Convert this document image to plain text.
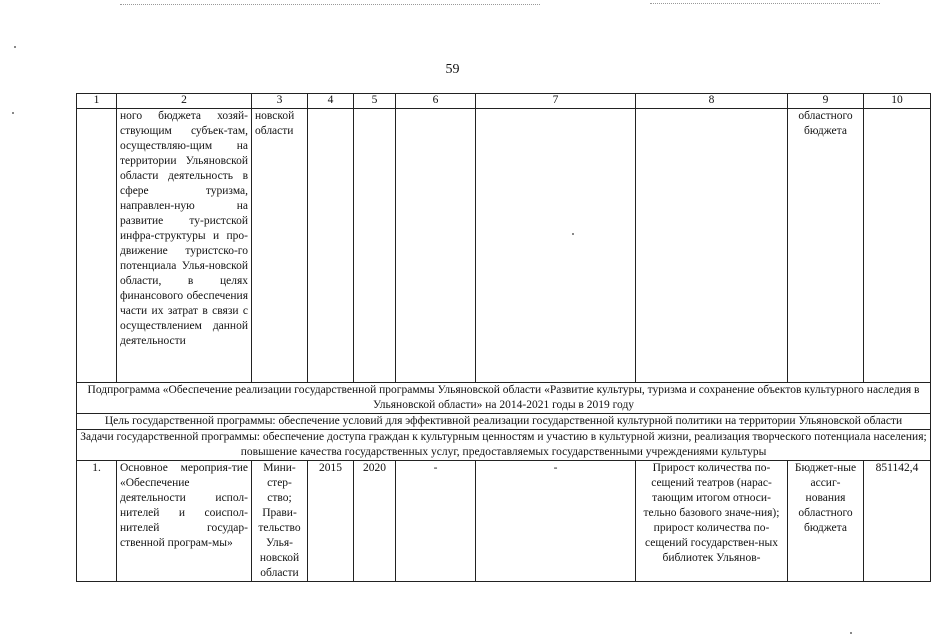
59
1	2	3	4	5	6	7	8	9	10
	ного бюджета хозяй-ствующим субъек-там, осуществляю-щим на территории Ульяновской области деятельность в сфере туризма, направлен-ную на развитие ту-ристской инфра-структуры и про-движение туристско-го потенциала Улья-новской области, в целях финансового обеспечения части их затрат в связи с осуществлением данной деятельности	новской области						областного бюджета	
Подпрограмма «Обеспечение реализации государственной программы Ульяновской области «Развитие культуры, туризма и сохранение объектов культурного наследия в Ульяновской области» на 2014-2021 годы в 2019 году									
Цель государственной программы: обеспечение условий для эффективной реализации государственной культурной политики на территории Ульяновской области									

Задачи государственной программы: обеспечение доступа граждан к культурным ценностям и участию в культурной жизни, реализация творческого потенциала населения;
повышение качества государственных услуг, предоставляемых государственными учреждениями культуры									

1.	Основное мероприя-тие «Обеспечение деятельности испол-нителей и соиспол-нителей государ-ственной програм-мы»	Мини-стер-ство; Прави-тельство Улья-новской области	2015	2020	-	-	Прирост количества по-сещений театров (нарас-тающим итогом относи-тельно базового значе-ния); прирост количества по-сещений государствен-ных библиотек Ульянов-	Бюджет-ные ассиг-нования областного бюджета	851142,4
